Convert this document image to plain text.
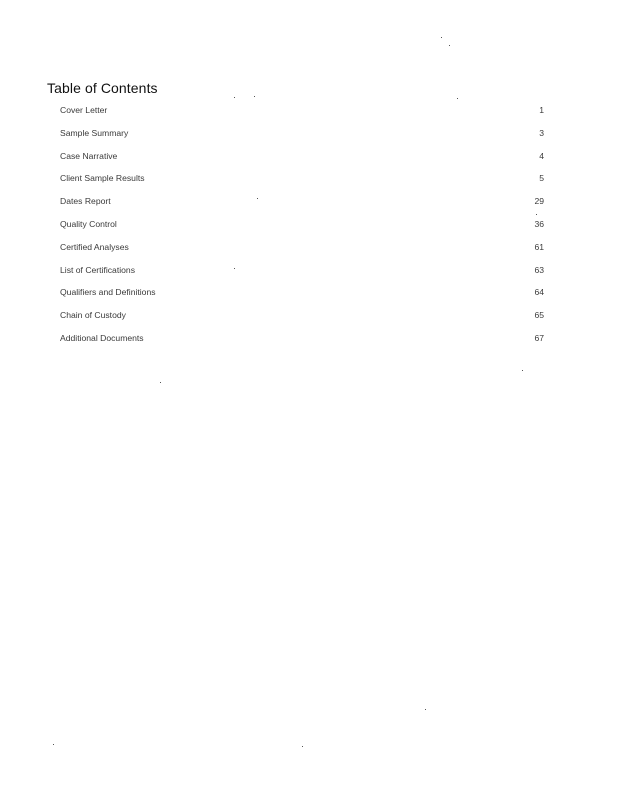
Table of Contents
Cover Letter	1
Sample Summary	3
Case Narrative	4
Client Sample Results	5
Dates Report	29
Quality Control	36
Certified Analyses	61
List of Certifications	63
Qualifiers and Definitions	64
Chain of Custody	65
Additional Documents	67
